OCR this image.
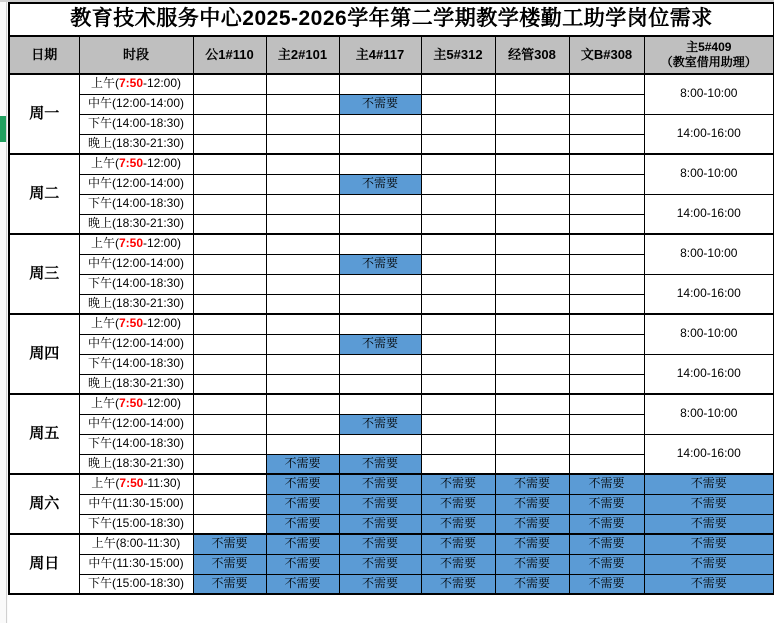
教育技术服务中心2025-2026学年第二学期教学楼勤工助学岗位需求								
日期	时段	公1#110	主2#101	主4#117	主5#312	经管308	文B#308	主5#409
（教室借用助理）

周一	上午(7:50-12:00)							8:00-10:00
	中午(12:00-14:00)			不需要				
	下午(14:00-18:30)							14:00-16:00
	晚上(18:30-21:30)							
周二	上午(7:50-12:00)							8:00-10:00
	中午(12:00-14:00)			不需要				
	下午(14:00-18:30)							14:00-16:00
	晚上(18:30-21:30)							
周三	上午(7:50-12:00)							8:00-10:00
	中午(12:00-14:00)			不需要				
	下午(14:00-18:30)							14:00-16:00
	晚上(18:30-21:30)							
周四	上午(7:50-12:00)							8:00-10:00
	中午(12:00-14:00)			不需要				
	下午(14:00-18:30)							14:00-16:00
	晚上(18:30-21:30)							
周五	上午(7:50-12:00)							8:00-10:00
	中午(12:00-14:00)			不需要				
	下午(14:00-18:30)							14:00-16:00
	晚上(18:30-21:30)		不需要	不需要				
周六	上午(7:50-11:30)		不需要	不需要	不需要	不需要	不需要	不需要
	中午(11:30-15:00)		不需要	不需要	不需要	不需要	不需要	不需要
	下午(15:00-18:30)		不需要	不需要	不需要	不需要	不需要	不需要
周日	上午(8:00-11:30)	不需要	不需要	不需要	不需要	不需要	不需要	不需要
	中午(11:30-15:00)	不需要	不需要	不需要	不需要	不需要	不需要	不需要
	下午(15:00-18:30)	不需要	不需要	不需要	不需要	不需要	不需要	不需要
